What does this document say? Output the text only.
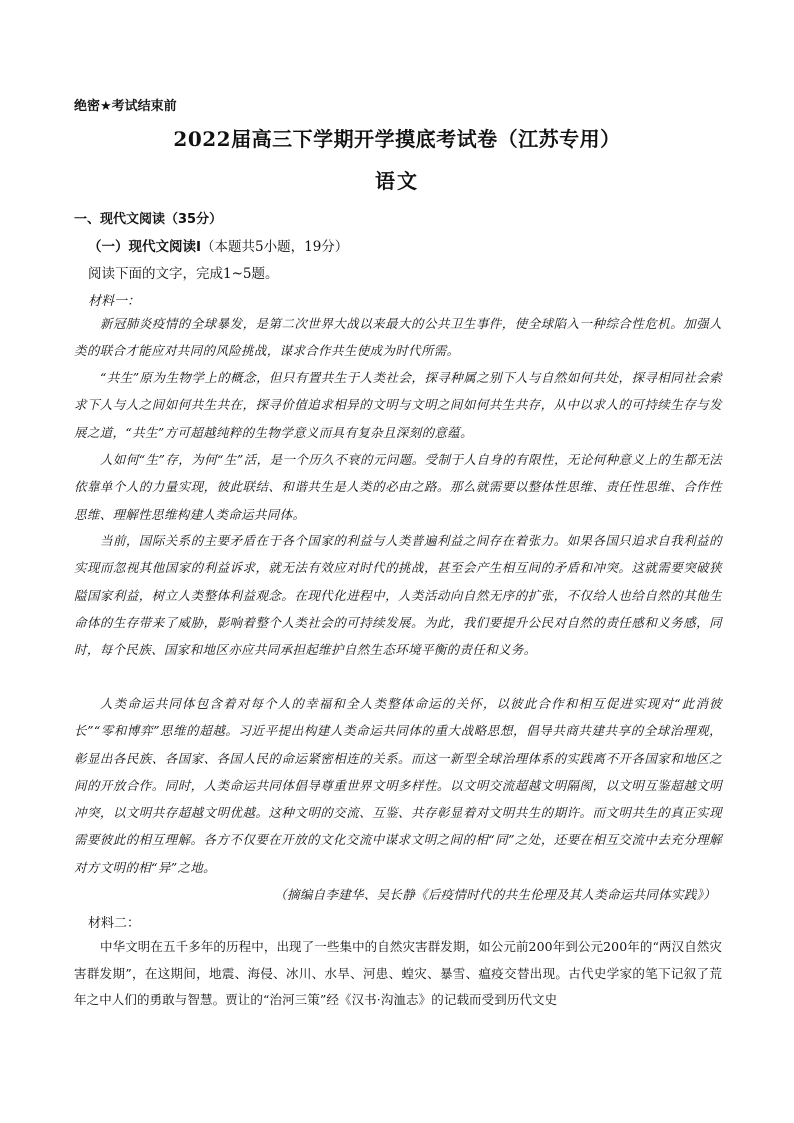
绝密★考试结束前
2022届高三下学期开学摸底考试卷（江苏专用）
语文
一、现代文阅读（35分）
（一）现代文阅读Ⅰ（本题共5小题，19分）
阅读下面的文字，完成1~5题。
材料一：

新冠肺炎疫情的全球暴发，是第二次世界大战以来最大的公共卫生事件，使全球陷入一种综合性危机。加强人类的联合才能应对共同的风险挑战，谋求合作共生使成为时代所需。

“共生”原为生物学上的概念，但只有置共生于人类社会，探寻种属之别下人与自然如何共处，探寻相同社会索求下人与人之间如何共生共在，探寻价值追求相异的文明与文明之间如何共生共存，从中以求人的可持续生存与发展之道，“共生”方可超越纯粹的生物学意义而具有复杂且深刻的意蕴。

人如何“生”存，为何“生”活，是一个历久不衰的元问题。受制于人自身的有限性，无论何种意义上的生都无法依靠单个人的力量实现，彼此联结、和谐共生是人类的必由之路。那么就需要以整体性思维、责任性思维、合作性思维、理解性思维构建人类命运共同体。

当前，国际关系的主要矛盾在于各个国家的利益与人类普遍利益之间存在着张力。如果各国只追求自我利益的实现而忽视其他国家的利益诉求，就无法有效应对时代的挑战，甚至会产生相互间的矛盾和冲突。这就需要突破狭隘国家利益，树立人类整体利益观念。在现代化进程中，人类活动向自然无序的扩张，不仅给人也给自然的其他生命体的生存带来了威胁，影响着整个人类社会的可持续发展。为此，我们要提升公民对自然的责任感和义务感，同时，每个民族、国家和地区亦应共同承担起维护自然生态环境平衡的责任和义务。

人类命运共同体包含着对每个人的幸福和全人类整体命运的关怀，以彼此合作和相互促进实现对“此消彼长”“零和博弈”思维的超越。习近平提出构建人类命运共同体的重大战略思想，倡导共商共建共享的全球治理观，彰显出各民族、各国家、各国人民的命运紧密相连的关系。而这一新型全球治理体系的实践离不开各国家和地区之间的开放合作。同时，人类命运共同体倡导尊重世界文明多样性。以文明交流超越文明隔阂，以文明互鉴超越文明冲突，以文明共存超越文明优越。这种文明的交流、互鉴、共存彰显着对文明共生的期许。而文明共生的真正实现需要彼此的相互理解。各方不仅要在开放的文化交流中谋求文明之间的相“同”之处，还要在相互交流中去充分理解对方文明的相“异”之地。

（摘编自李建华、吴长静《后疫情时代的共生伦理及其人类命运共同体实践》）
材料二：

中华文明在五千多年的历程中，出现了一些集中的自然灾害群发期，如公元前200年到公元200年的“两汉自然灾害群发期”，在这期间，地震、海侵、冰川、水旱、河患、蝗灾、暴雪、瘟疫交替出现。古代史学家的笔下记叙了荒年之中人们的勇敢与智慧。贾让的“治河三策”经《汉书·沟洫志》的记载而受到历代文史
